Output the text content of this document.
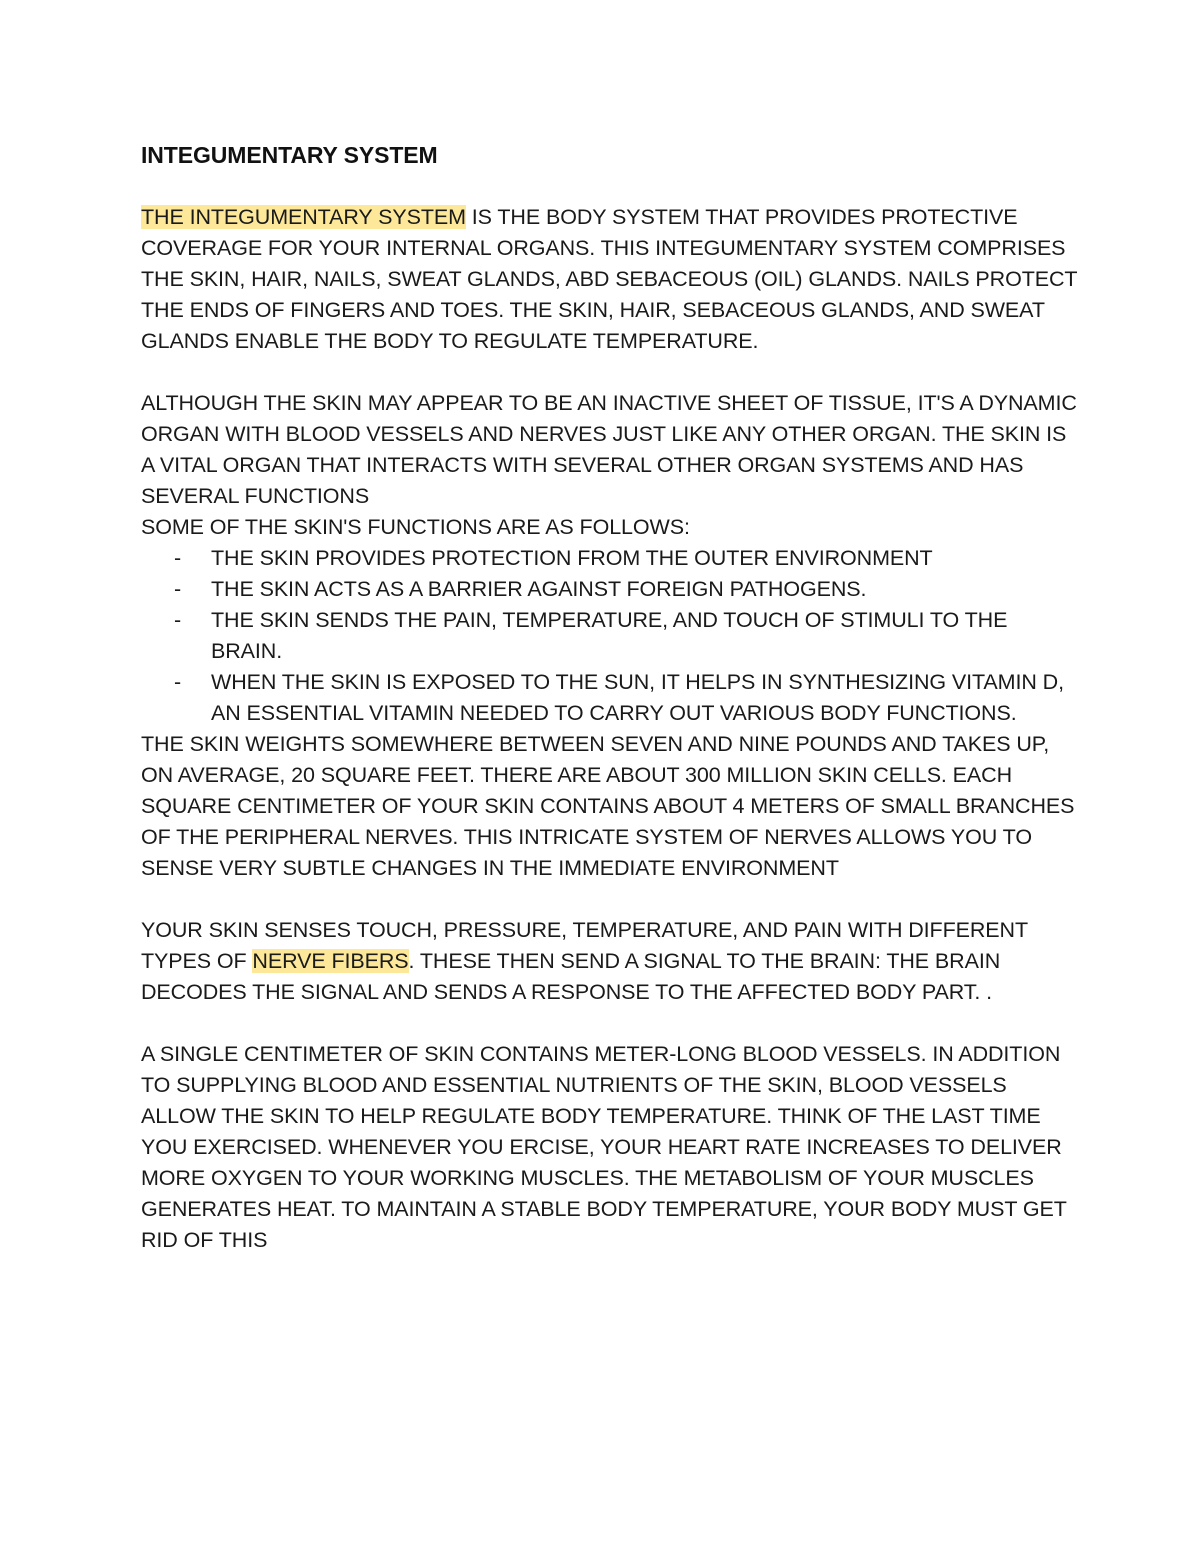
INTEGUMENTARY SYSTEM

THE INTEGUMENTARY SYSTEM IS THE BODY SYSTEM THAT PROVIDES PROTECTIVE COVERAGE FOR YOUR INTERNAL ORGANS. THIS INTEGUMENTARY SYSTEM COMPRISES THE SKIN, HAIR, NAILS, SWEAT GLANDS, ABD SEBACEOUS (OIL) GLANDS. NAILS PROTECT THE ENDS OF FINGERS AND TOES. THE SKIN, HAIR, SEBACEOUS GLANDS, AND SWEAT GLANDS ENABLE THE BODY TO REGULATE TEMPERATURE.

ALTHOUGH THE SKIN MAY APPEAR TO BE AN INACTIVE SHEET OF TISSUE, IT'S A DYNAMIC ORGAN WITH BLOOD VESSELS AND NERVES JUST LIKE ANY OTHER ORGAN. THE SKIN IS A VITAL ORGAN THAT INTERACTS WITH SEVERAL OTHER ORGAN SYSTEMS AND HAS SEVERAL FUNCTIONS

SOME OF THE SKIN'S FUNCTIONS ARE AS FOLLOWS:

- THE SKIN PROVIDES PROTECTION FROM THE OUTER ENVIRONMENT
- THE SKIN ACTS AS A BARRIER AGAINST FOREIGN PATHOGENS.
- THE SKIN SENDS THE PAIN, TEMPERATURE, AND TOUCH OF STIMULI TO THE BRAIN.
- WHEN THE SKIN IS EXPOSED TO THE SUN, IT HELPS IN SYNTHESIZING VITAMIN D, AN ESSENTIAL VITAMIN NEEDED TO CARRY OUT VARIOUS BODY FUNCTIONS.

THE SKIN WEIGHTS SOMEWHERE BETWEEN SEVEN AND NINE POUNDS AND TAKES UP, ON AVERAGE, 20 SQUARE FEET. THERE ARE ABOUT 300 MILLION SKIN CELLS. EACH SQUARE CENTIMETER OF YOUR SKIN CONTAINS ABOUT 4 METERS OF SMALL BRANCHES OF THE PERIPHERAL NERVES. THIS INTRICATE SYSTEM OF NERVES ALLOWS YOU TO SENSE VERY SUBTLE CHANGES IN THE IMMEDIATE ENVIRONMENT

YOUR SKIN SENSES TOUCH, PRESSURE, TEMPERATURE, AND PAIN WITH DIFFERENT TYPES OF NERVE FIBERS. THESE THEN SEND A SIGNAL TO THE BRAIN: THE BRAIN DECODES THE SIGNAL AND SENDS A RESPONSE TO THE AFFECTED BODY PART. .

A SINGLE CENTIMETER OF SKIN CONTAINS METER-LONG BLOOD VESSELS. IN ADDITION TO SUPPLYING BLOOD AND ESSENTIAL NUTRIENTS OF THE SKIN, BLOOD VESSELS ALLOW THE SKIN TO HELP REGULATE BODY TEMPERATURE. THINK OF THE LAST TIME YOU EXERCISED. WHENEVER YOU ERCISE, YOUR HEART RATE INCREASES TO DELIVER MORE OXYGEN TO YOUR WORKING MUSCLES. THE METABOLISM OF YOUR MUSCLES GENERATES HEAT. TO MAINTAIN A STABLE BODY TEMPERATURE, YOUR BODY MUST GET RID OF THIS
